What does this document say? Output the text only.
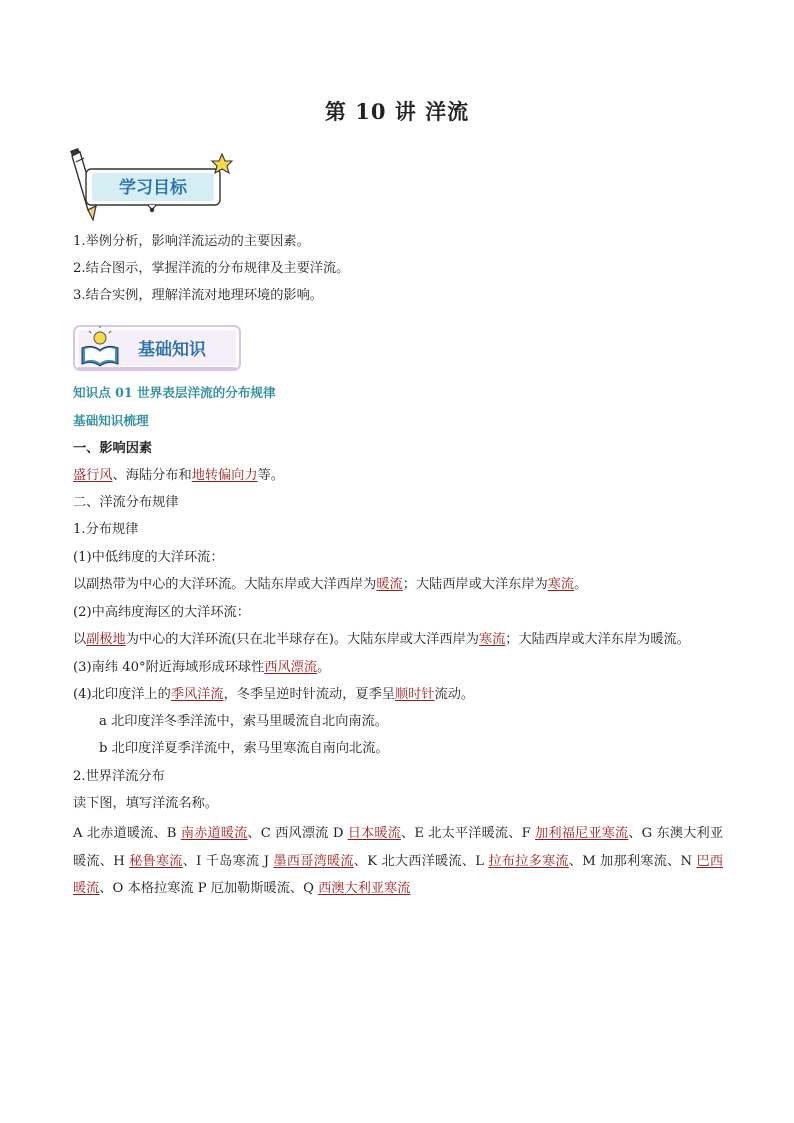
第 10 讲 洋流
学习目标

1.举例分析，影响洋流运动的主要因素。

2.结合图示，掌握洋流的分布规律及主要洋流。

3.结合实例，理解洋流对地理环境的影响。

基础知识

知识点 01 世界表层洋流的分布规律

基础知识梳理

一、影响因素

盛行风、海陆分布和地转偏向力等。

二、洋流分布规律

1.分布规律

(1)中低纬度的大洋环流：

以副热带为中心的大洋环流。大陆东岸或大洋西岸为暖流；大陆西岸或大洋东岸为寒流。

(2)中高纬度海区的大洋环流：

以副极地为中心的大洋环流(只在北半球存在)。大陆东岸或大洋西岸为寒流；大陆西岸或大洋东岸为暖流。

(3)南纬 40°附近海域形成环球性西风漂流。

(4)北印度洋上的季风洋流，冬季呈逆时针流动，夏季呈顺时针流动。

a 北印度洋冬季洋流中，索马里暖流自北向南流。

b 北印度洋夏季洋流中，索马里寒流自南向北流。

2.世界洋流分布

读下图，填写洋流名称。

A 北赤道暖流、B 南赤道暖流、C 西风漂流 D 日本暖流、E 北太平洋暖流、F 加利福尼亚寒流、G 东澳大利亚暖流、H 秘鲁寒流、I 千岛寒流 J 墨西哥湾暖流、K 北大西洋暖流、L 拉布拉多寒流、M 加那利寒流、N 巴西暖流、O 本格拉寒流 P 厄加勒斯暖流、Q 西澳大利亚寒流
